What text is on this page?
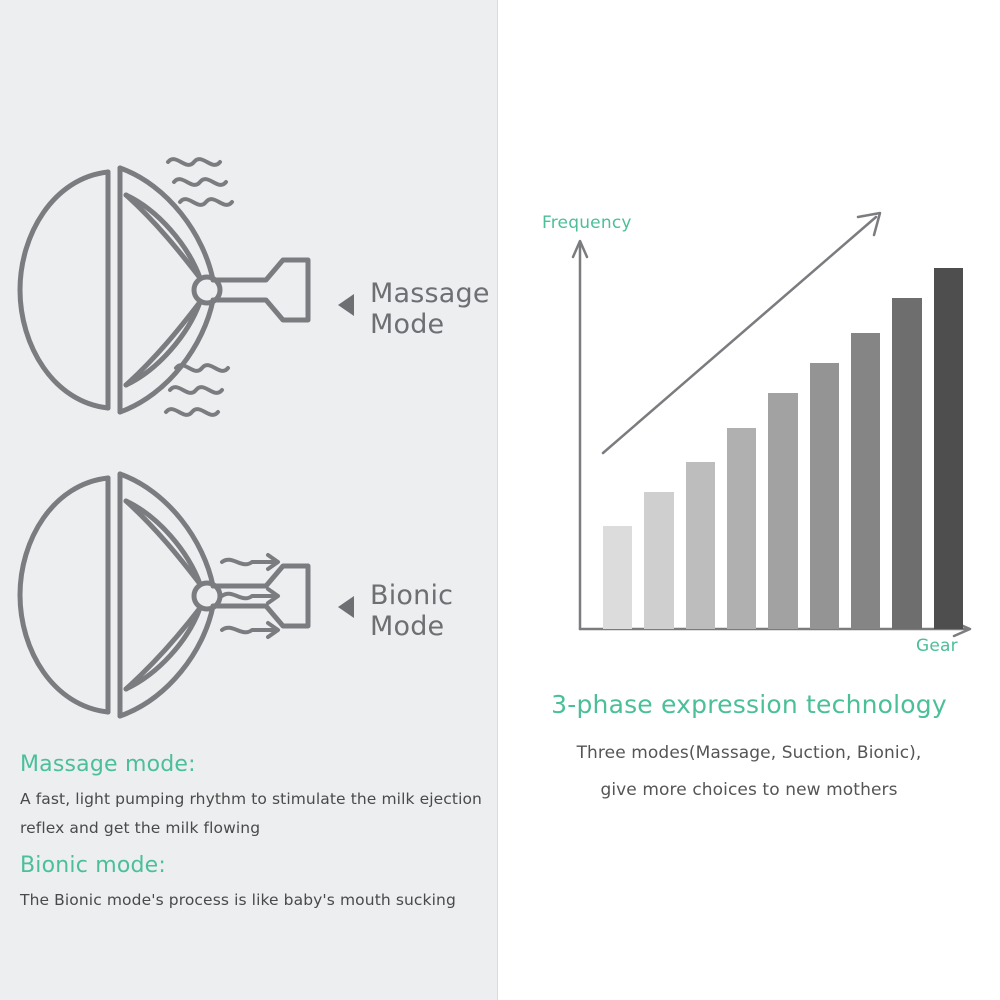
Massage
Mode
Bionic
Mode

Massage mode:

A fast, light pumping rhythm to stimulate the milk ejection reflex and get the milk flowing

Bionic mode:

The Bionic mode's process is like baby's mouth sucking

Frequency
Gear

3-phase expression technology

Three modes(Massage, Suction, Bionic),
give more choices to new mothers
